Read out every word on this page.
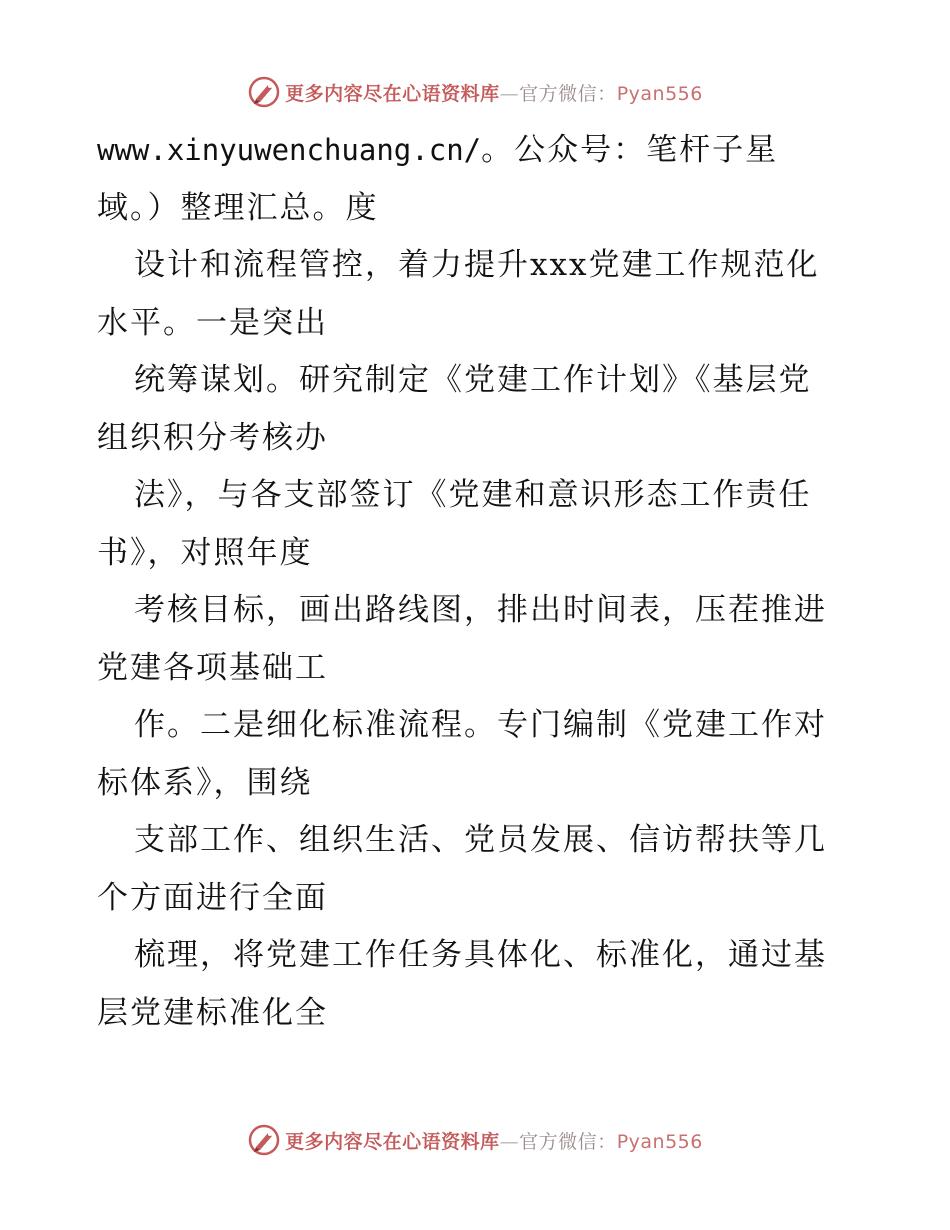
更多内容尽在心语资料库—官方微信：Pyan556
www.xinyuwenchuang.cn/。公众号：笔杆子星
域。）整理汇总。度
设计和流程管控，着力提升xxx党建工作规范化
水平。一是突出
统筹谋划。研究制定《党建工作计划》《基层党
组织积分考核办
法》，与各支部签订《党建和意识形态工作责任
书》，对照年度
考核目标，画出路线图，排出时间表，压茬推进
党建各项基础工
作。二是细化标准流程。专门编制《党建工作对
标体系》，围绕
支部工作、组织生活、党员发展、信访帮扶等几
个方面进行全面
梳理，将党建工作任务具体化、标准化，通过基
层党建标准化全
更多内容尽在心语资料库—官方微信：Pyan556
